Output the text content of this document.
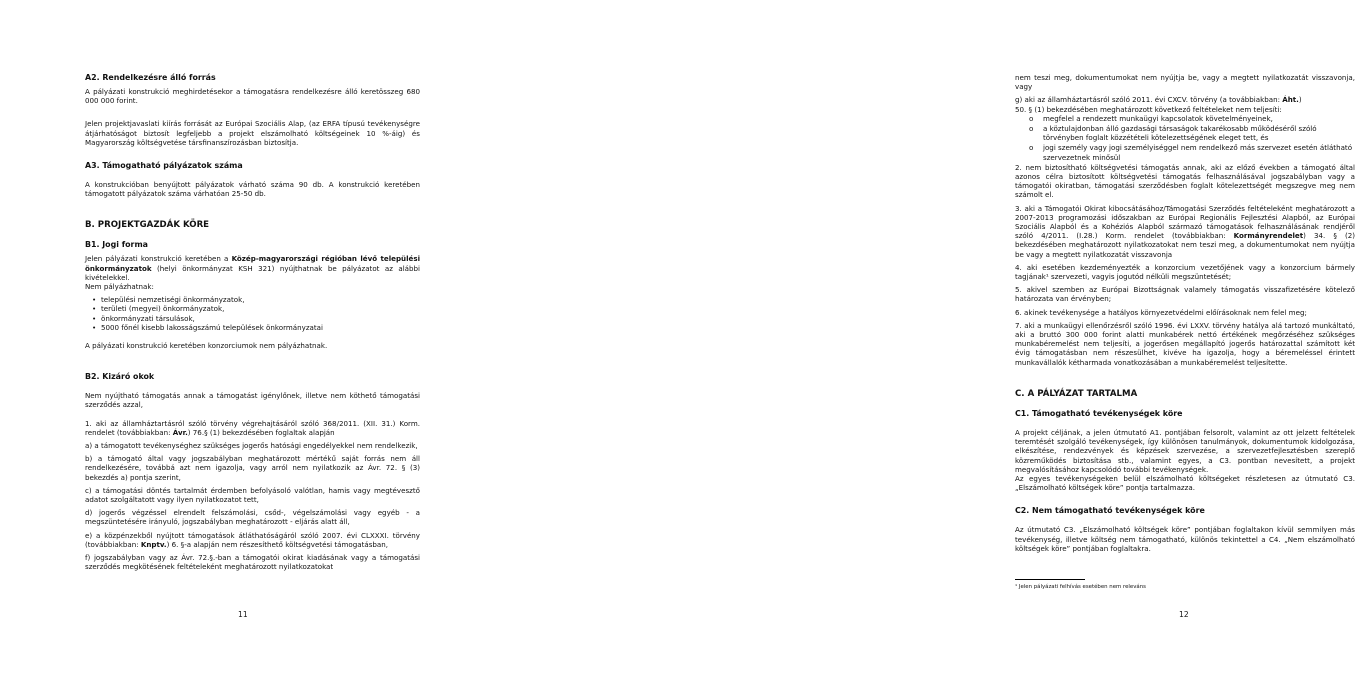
A2. Rendelkezésre álló forrás

A pályázati konstrukció meghirdetésekor a támogatásra rendelkezésre álló keretösszeg 680 000 000 forint.

Jelen projektjavaslati kiírás forrását az Európai Szociális Alap, (az ERFA típusú tevékenységre átjárhatóságot biztosít legfeljebb a projekt elszámolható költségeinek 10 %-áig) és Magyarország költségvetése társfinanszírozásban biztosítja.

A3. Támogatható pályázatok száma

A konstrukcióban benyújtott pályázatok várható száma 90 db. A konstrukció keretében támogatott pályázatok száma várhatóan 25-50 db.

B. PROJEKTGAZDÁK KÖRE

B1. Jogi forma

Jelen pályázati konstrukció keretében a Közép-magyarországi régióban lévő települési önkormányzatok (helyi önkormányzat KSH 321) nyújthatnak be pályázatot az alábbi kivételekkel.

Nem pályázhatnak:

• települési nemzetiségi önkormányzatok,
• területi (megyei) önkormányzatok,
• önkormányzati társulások,
• 5000 főnél kisebb lakosságszámú települések önkormányzatai

A pályázati konstrukció keretében konzorciumok nem pályázhatnak.

B2. Kizáró okok

Nem nyújtható támogatás annak a támogatást igénylőnek, illetve nem köthető támogatási szerződés azzal,

1. aki az államháztartásról szóló törvény végrehajtásáról szóló 368/2011. (XII. 31.) Korm. rendelet (továbbiakban: Ávr.) 76.§ (1) bekezdésében foglaltak alapján

a) a támogatott tevékenységhez szükséges jogerős hatósági engedélyekkel nem rendelkezik,

b) a támogató által vagy jogszabályban meghatározott mértékű saját forrás nem áll rendelkezésére, továbbá azt nem igazolja, vagy arról nem nyilatkozik az Ávr. 72. § (3) bekezdés a) pontja szerint,

c) a támogatási döntés tartalmát érdemben befolyásoló valótlan, hamis vagy megtévesztő adatot szolgáltatott vagy ilyen nyilatkozatot tett,

d) jogerős végzéssel elrendelt felszámolási, csőd-, végelszámolási vagy egyéb - a megszüntetésére irányuló, jogszabályban meghatározott - eljárás alatt áll,

e) a közpénzekből nyújtott támogatások átláthatóságáról szóló 2007. évi CLXXXI. törvény (továbbiakban: Knptv.) 6. §-a alapján nem részesíthető költségvetési támogatásban,

f) jogszabályban vagy az Ávr. 72.§.-ban a támogatói okirat kiadásának vagy a támogatási szerződés megkötésének feltételeként meghatározott nyilatkozatokat

11

nem teszi meg, dokumentumokat nem nyújtja be, vagy a megtett nyilatkozatát visszavonja, vagy

g) aki az államháztartásról szóló 2011. évi CXCV. törvény (a továbbiakban: Áht.)

50. § (1) bekezdésében meghatározott következő feltételeket nem teljesíti:

o megfelel a rendezett munkaügyi kapcsolatok követelményeinek,
o a köztulajdonban álló gazdasági társaságok takarékosabb működéséről szóló törvényben foglalt közzétételi kötelezettségének eleget tett, és
o jogi személy vagy jogi személyiséggel nem rendelkező más szervezet esetén átlátható szervezetnek minősül

2. nem biztosítható költségvetési támogatás annak, aki az előző években a támogató által azonos célra biztosított költségvetési támogatás felhasználásával jogszabályban vagy a támogatói okiratban, támogatási szerződésben foglalt kötelezettségét megszegve meg nem számolt el.

3. aki a Támogatói Okirat kibocsátásához/Támogatási Szerződés feltételeként meghatározott a 2007-2013 programozási időszakban az Európai Regionális Fejlesztési Alapból, az Európai Szociális Alapból és a Kohéziós Alapból származó támogatások felhasználásának rendjéről szóló 4/2011. (I.28.) Korm. rendelet (továbbiakban: Kormányrendelet) 34. § (2) bekezdésében meghatározott nyilatkozatokat nem teszi meg, a dokumentumokat nem nyújtja be vagy a megtett nyilatkozatát visszavonja

4. aki esetében kezdeményezték a konzorcium vezetőjének vagy a konzorcium bármely tagjának¹ szervezeti, vagyis jogutód nélküli megszüntetését;

5. akivel szemben az Európai Bizottságnak valamely támogatás visszafizetésére kötelező határozata van érvényben;

6. akinek tevékenysége a hatályos környezetvédelmi előírásoknak nem felel meg;

7. aki a munkaügyi ellenőrzésről szóló 1996. évi LXXV. törvény hatálya alá tartozó munkáltató, aki a bruttó 300 000 forint alatti munkabérek nettó értékének megőrzéséhez szükséges munkabéremelést nem teljesíti, a jogerősen megállapító jogerős határozattal számított két évig támogatásban nem részesülhet, kivéve ha igazolja, hogy a béremeléssel érintett munkavállalók kétharmada vonatkozásában a munkabéremelést teljesítette.

C. A PÁLYÁZAT TARTALMA

C1. Támogatható tevékenységek köre

A projekt céljának, a jelen útmutató A1. pontjában felsorolt, valamint az ott jelzett feltételek teremtését szolgáló tevékenységek, így különösen tanulmányok, dokumentumok kidolgozása, elkészítése, rendezvények és képzések szervezése, a szervezetfejlesztésben szereplő közreműködés biztosítása stb., valamint egyes, a C3. pontban nevesített, a projekt megvalósításához kapcsolódó további tevékenységek.

Az egyes tevékenységeken belül elszámolható költségeket részletesen az útmutató C3. „Elszámolható költségek köre” pontja tartalmazza.

C2. Nem támogatható tevékenységek köre

Az útmutató C3. „Elszámolható költségek köre” pontjában foglaltakon kívül semmilyen más tevékenység, illetve költség nem támogatható, különös tekintettel a C4. „Nem elszámolható költségek köre” pontjában foglaltakra.

¹ Jelen pályázati felhívás esetében nem releváns

12
